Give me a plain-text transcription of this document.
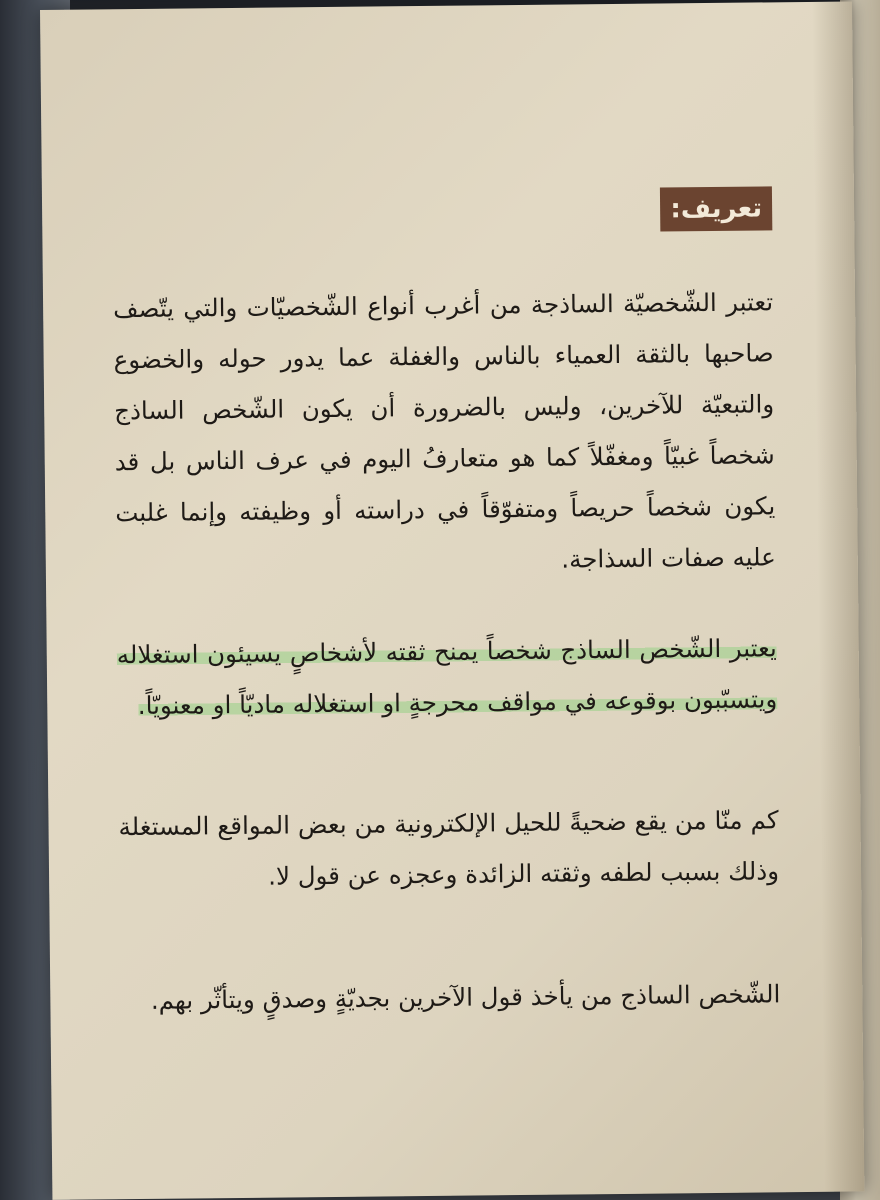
تعريف:

تعتبر الشّخصيّة الساذجة من أغرب أنواع الشّخصيّات والتي يتّصف صاحبها بالثقة العمياء بالناس والغفلة عما يدور حوله والخضوع والتبعيّة للآخرين، وليس بالضرورة أن يكون الشّخص الساذج شخصاً غبيّاً ومغفّلاً كما هو متعارفُ اليوم في عرف الناس بل قد يكون شخصاً حريصاً ومتفوّقاً في دراسته أو وظيفته وإنما غلبت عليه صفات السذاجة.

يعتبر الشّخص الساذج شخصاً يمنح ثقته لأشخاصٍ يسيئون استغلاله ويتسبّبون بوقوعه في مواقف محرجةٍ او استغلاله ماديّاً او معنويّاً.

كم منّا من يقع ضحيةً للحيل الإلكترونية من بعض المواقع المستغلة وذلك بسبب لطفه وثقته الزائدة وعجزه عن قول لا.

الشّخص الساذج من يأخذ قول الآخرين بجديّةٍ وصدقٍ ويتأثّر بهم.
